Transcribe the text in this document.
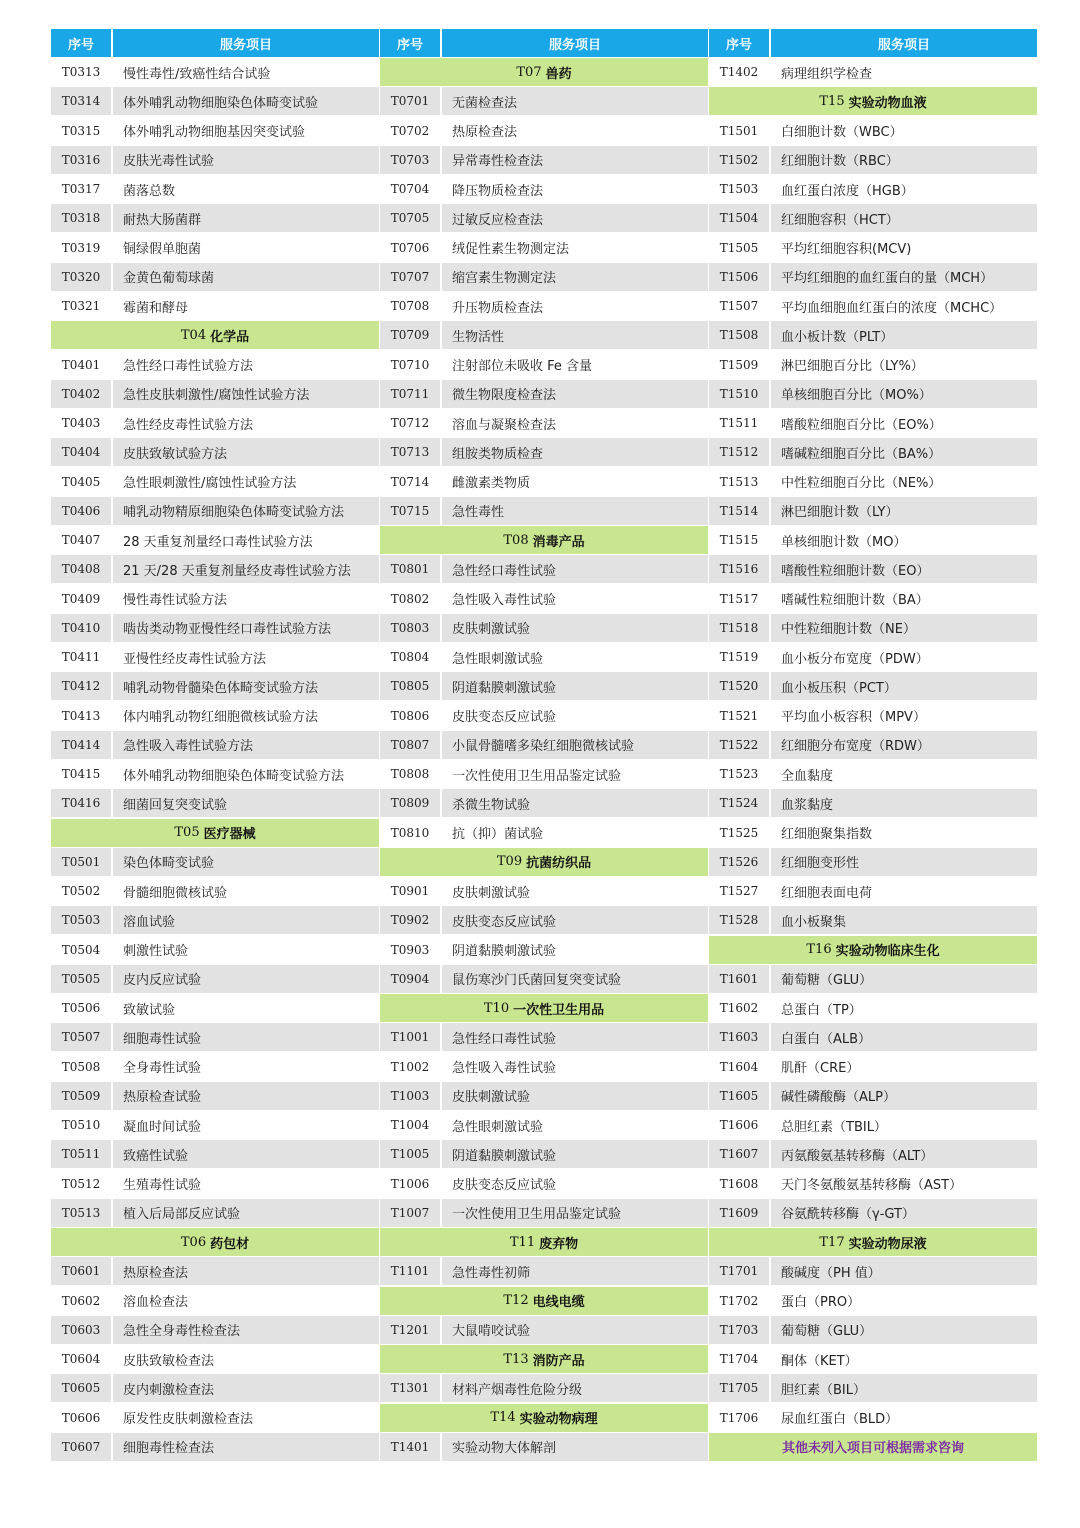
序号	服务项目
T0313	慢性毒性/致癌性结合试验
T0314	体外哺乳动物细胞染色体畸变试验
T0315	体外哺乳动物细胞基因突变试验
T0316	皮肤光毒性试验
T0317	菌落总数
T0318	耐热大肠菌群
T0319	铜绿假单胞菌
T0320	金黄色葡萄球菌
T0321	霉菌和酵母
T04 化学品
T0401	急性经口毒性试验方法
T0402	急性皮肤刺激性/腐蚀性试验方法
T0403	急性经皮毒性试验方法
T0404	皮肤致敏试验方法
T0405	急性眼刺激性/腐蚀性试验方法
T0406	哺乳动物精原细胞染色体畸变试验方法
T0407	28 天重复剂量经口毒性试验方法
T0408	21 天/28 天重复剂量经皮毒性试验方法
T0409	慢性毒性试验方法
T0410	啮齿类动物亚慢性经口毒性试验方法
T0411	亚慢性经皮毒性试验方法
T0412	哺乳动物骨髓染色体畸变试验方法
T0413	体内哺乳动物红细胞微核试验方法
T0414	急性吸入毒性试验方法
T0415	体外哺乳动物细胞染色体畸变试验方法
T0416	细菌回复突变试验
T05 医疗器械
T0501	染色体畸变试验
T0502	骨髓细胞微核试验
T0503	溶血试验
T0504	刺激性试验
T0505	皮内反应试验
T0506	致敏试验
T0507	细胞毒性试验
T0508	全身毒性试验
T0509	热原检查试验
T0510	凝血时间试验
T0511	致癌性试验
T0512	生殖毒性试验
T0513	植入后局部反应试验
T06 药包材
T0601	热原检查法
T0602	溶血检查法
T0603	急性全身毒性检查法
T0604	皮肤致敏检查法
T0605	皮内刺激检查法
T0606	原发性皮肤刺激检查法
T0607	细胞毒性检查法
序号	服务项目
T07 兽药
T0701	无菌检查法
T0702	热原检查法
T0703	异常毒性检查法
T0704	降压物质检查法
T0705	过敏反应检查法
T0706	绒促性素生物测定法
T0707	缩宫素生物测定法
T0708	升压物质检查法
T0709	生物活性
T0710	注射部位未吸收 Fe 含量
T0711	微生物限度检查法
T0712	溶血与凝聚检查法
T0713	组胺类物质检查
T0714	雌激素类物质
T0715	急性毒性
T08 消毒产品
T0801	急性经口毒性试验
T0802	急性吸入毒性试验
T0803	皮肤刺激试验
T0804	急性眼刺激试验
T0805	阴道黏膜刺激试验
T0806	皮肤变态反应试验
T0807	小鼠骨髓嗜多染红细胞微核试验
T0808	一次性使用卫生用品鉴定试验
T0809	杀微生物试验
T0810	抗（抑）菌试验
T09 抗菌纺织品
T0901	皮肤刺激试验
T0902	皮肤变态反应试验
T0903	阴道黏膜刺激试验
T0904	鼠伤寒沙门氏菌回复突变试验
T10 一次性卫生用品
T1001	急性经口毒性试验
T1002	急性吸入毒性试验
T1003	皮肤刺激试验
T1004	急性眼刺激试验
T1005	阴道黏膜刺激试验
T1006	皮肤变态反应试验
T1007	一次性使用卫生用品鉴定试验
T11 废弃物
T1101	急性毒性初筛
T12 电线电缆
T1201	大鼠啃咬试验
T13 消防产品
T1301	材料产烟毒性危险分级
T14 实验动物病理
T1401	实验动物大体解剖
序号	服务项目
T1402	病理组织学检查
T15 实验动物血液
T1501	白细胞计数（WBC）
T1502	红细胞计数（RBC）
T1503	血红蛋白浓度（HGB）
T1504	红细胞容积（HCT）
T1505	平均红细胞容积(MCV)
T1506	平均红细胞的血红蛋白的量（MCH）
T1507	平均血细胞血红蛋白的浓度（MCHC）
T1508	血小板计数（PLT）
T1509	淋巴细胞百分比（LY%）
T1510	单核细胞百分比（MO%）
T1511	嗜酸粒细胞百分比（EO%）
T1512	嗜碱粒细胞百分比（BA%）
T1513	中性粒细胞百分比（NE%）
T1514	淋巴细胞计数（LY）
T1515	单核细胞计数（MO）
T1516	嗜酸性粒细胞计数（EO）
T1517	嗜碱性粒细胞计数（BA）
T1518	中性粒细胞计数（NE）
T1519	血小板分布宽度（PDW）
T1520	血小板压积（PCT）
T1521	平均血小板容积（MPV）
T1522	红细胞分布宽度（RDW）
T1523	全血黏度
T1524	血浆黏度
T1525	红细胞聚集指数
T1526	红细胞变形性
T1527	红细胞表面电荷
T1528	血小板聚集
T16 实验动物临床生化
T1601	葡萄糖（GLU）
T1602	总蛋白（TP）
T1603	白蛋白（ALB）
T1604	肌酐（CRE）
T1605	碱性磷酸酶（ALP）
T1606	总胆红素（TBIL）
T1607	丙氨酸氨基转移酶（ALT）
T1608	天门冬氨酸氨基转移酶（AST）
T1609	谷氨酰转移酶（γ-GT）
T17 实验动物尿液
T1701	酸碱度（PH 值）
T1702	蛋白（PRO）
T1703	葡萄糖（GLU）
T1704	酮体（KET）
T1705	胆红素（BIL）
T1706	尿血红蛋白（BLD）
其他未列入项目可根据需求咨询
